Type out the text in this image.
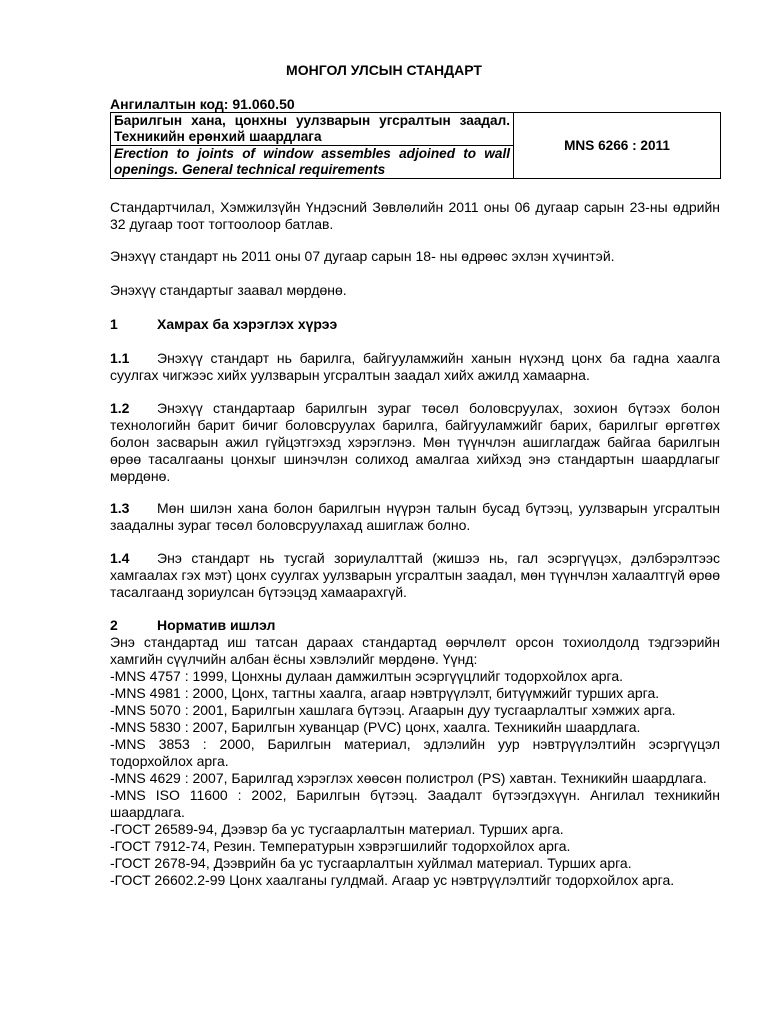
МОНГОЛ УЛСЫН СТАНДАРТ
Ангилалтын код: 91.060.50
Барилгын хана, цонхны уулзварын угсралтын заадал. Техникийн ерөнхий шаардлага	MNS 6266 : 2011
Erection to joints of window assembles adjoined to wall openings. General technical requirements
Стандартчилал, Хэмжилзүйн Үндэсний Зөвлөлийн 2011 оны 06 дугаар сарын 23-ны өдрийн 32 дугаар тоот тогтоолоор батлав.
Энэхүү стандарт нь 2011 оны 07 дугаар сарын 18- ны өдрөөс эхлэн хүчинтэй.
Энэхүү стандартыг заавал мөрдөнө.
1	Хамрах ба хэрэглэх хүрээ
1.1 Энэхүү стандарт нь барилга, байгууламжийн ханын нүхэнд цонх ба гадна хаалга суулгах чигжээс хийх уулзварын угсралтын заадал хийх ажилд хамаарна.
1.2 Энэхүү стандартаар барилгын зураг төсөл боловсруулах, зохион бүтээх болон технологийн барит бичиг боловсруулах барилга, байгууламжийг барих, барилгыг өргөтгөх болон засварын ажил гүйцэтгэхэд хэрэглэнэ. Мөн түүнчлэн ашиглагдаж байгаа барилгын өрөө тасалгааны цонхыг шинэчлэн солиход амалгаа хийхэд энэ стандартын шаардлагыг мөрдөнө.
1.3 Мөн шилэн хана болон барилгын нүүрэн талын бусад бүтээц, уулзварын угсралтын заадалны зураг төсөл боловсруулахад ашиглаж болно.
1.4 Энэ стандарт нь тусгай зориулалттай (жишээ нь, гал эсэргүүцэх, дэлбэрэлтээс хамгаалах гэх мэт) цонх суулгах уулзварын угсралтын заадал, мөн түүнчлэн халаалтгүй өрөө тасалгаанд зориулсан бүтээцэд хамаарахгүй.
2	Норматив ишлэл
Энэ стандартад иш татсан дараах стандартад өөрчлөлт орсон тохиолдолд тэдгээрийн хамгийн сүүлчийн албан ёсны хэвлэлийг мөрдөнө. Үүнд:
-MNS 4757 : 1999, Цонхны дулаан дамжилтын эсэргүүцлийг тодорхойлох арга.
-MNS 4981 : 2000, Цонх, тагтны хаалга, агаар нэвтрүүлэлт, битүүмжийг турших арга.
-MNS 5070 : 2001, Барилгын хашлага бүтээц. Агаарын дуу тусгаарлалтыг хэмжих арга.
-MNS 5830 : 2007, Барилгын хуванцар (PVC) цонх, хаалга. Техникийн шаардлага.
-MNS 3853 : 2000, Барилгын материал, эдлэлийн уур нэвтрүүлэлтийн эсэргүүцэл тодорхойлох арга.
-MNS 4629 : 2007, Барилгад хэрэглэх хөөсөн полистрол (PS) хавтан. Техникийн шаардлага.
-MNS ISO 11600 : 2002, Барилгын бүтээц. Заадалт бүтээгдэхүүн. Ангилал техникийн шаардлага.
-ГОСТ 26589-94, Дээвэр ба ус тусгаарлалтын материал. Турших арга.
-ГОСТ 7912-74, Резин. Температурын хэврэгшилийг тодорхойлох арга.
-ГОСТ 2678-94, Дээврийн ба ус тусгаарлалтын хуйлмал материал. Турших арга.
-ГОСТ 26602.2-99 Цонх хаалганы гулдмай. Агаар ус нэвтрүүлэлтийг тодорхойлох арга.
